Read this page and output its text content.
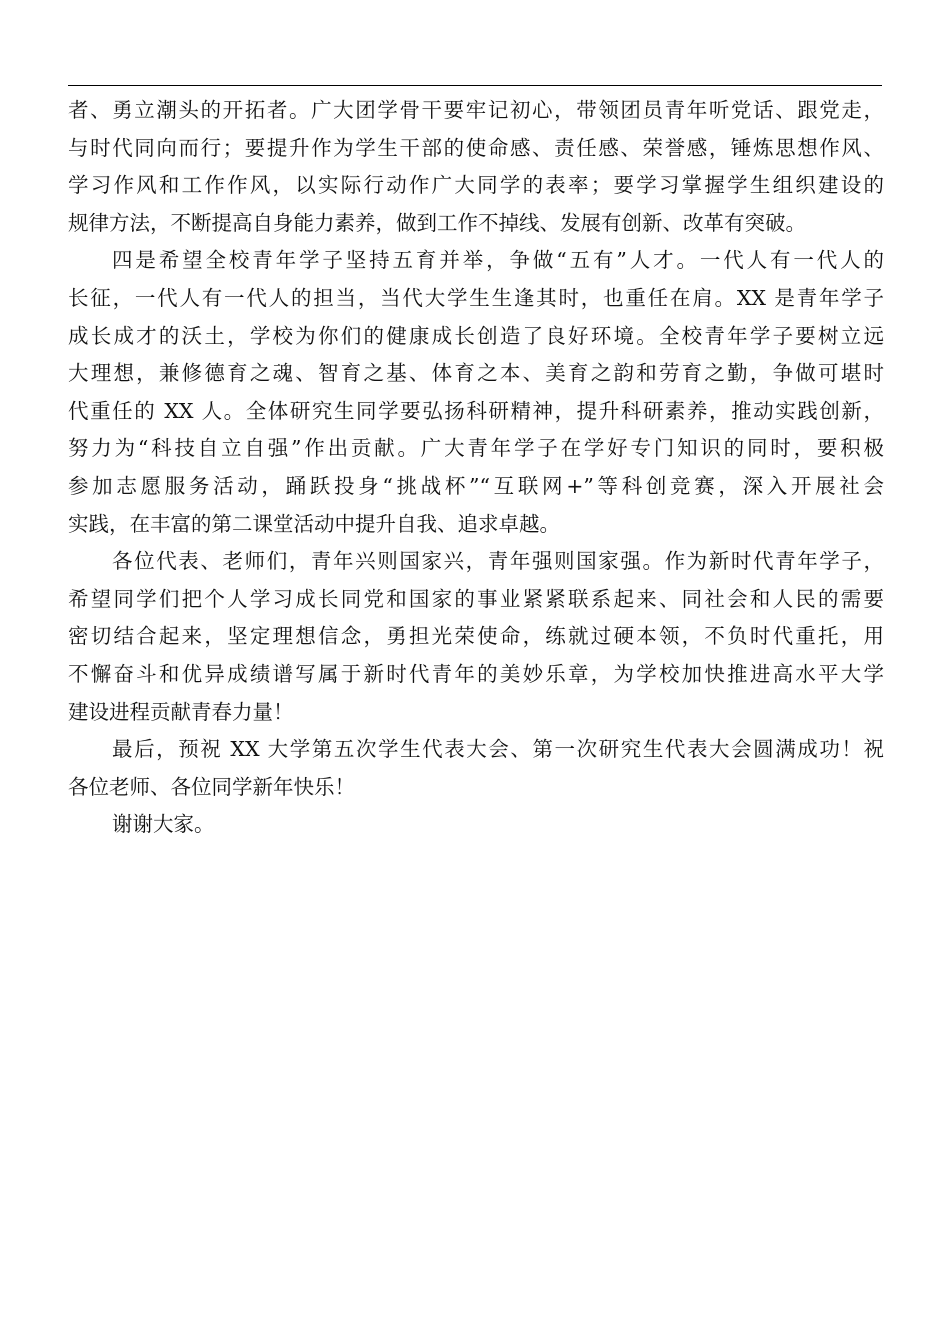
者、勇立潮头的开拓者。广大团学骨干要牢记初心，带领团员青年听党话、跟党走，
与时代同向而行；要提升作为学生干部的使命感、责任感、荣誉感，锤炼思想作风、
学习作风和工作作风，以实际行动作广大同学的表率；要学习掌握学生组织建设的
规律方法，不断提高自身能力素养，做到工作不掉线、发展有创新、改革有突破。
四是希望全校青年学子坚持五育并举，争做“五有”人才。一代人有一代人的
长征，一代人有一代人的担当，当代大学生生逢其时，也重任在肩。XX 是青年学子
成长成才的沃土，学校为你们的健康成长创造了良好环境。全校青年学子要树立远
大理想，兼修德育之魂、智育之基、体育之本、美育之韵和劳育之勤，争做可堪时
代重任的 XX 人。全体研究生同学要弘扬科研精神，提升科研素养，推动实践创新，
努力为“科技自立自强”作出贡献。广大青年学子在学好专门知识的同时，要积极
参加志愿服务活动，踊跃投身“挑战杯”“互联网+”等科创竞赛，深入开展社会
实践，在丰富的第二课堂活动中提升自我、追求卓越。
各位代表、老师们，青年兴则国家兴，青年强则国家强。作为新时代青年学子，
希望同学们把个人学习成长同党和国家的事业紧紧联系起来、同社会和人民的需要
密切结合起来，坚定理想信念，勇担光荣使命，练就过硬本领，不负时代重托，用
不懈奋斗和优异成绩谱写属于新时代青年的美妙乐章，为学校加快推进高水平大学
建设进程贡献青春力量！
最后，预祝 XX 大学第五次学生代表大会、第一次研究生代表大会圆满成功！祝
各位老师、各位同学新年快乐！
谢谢大家。
